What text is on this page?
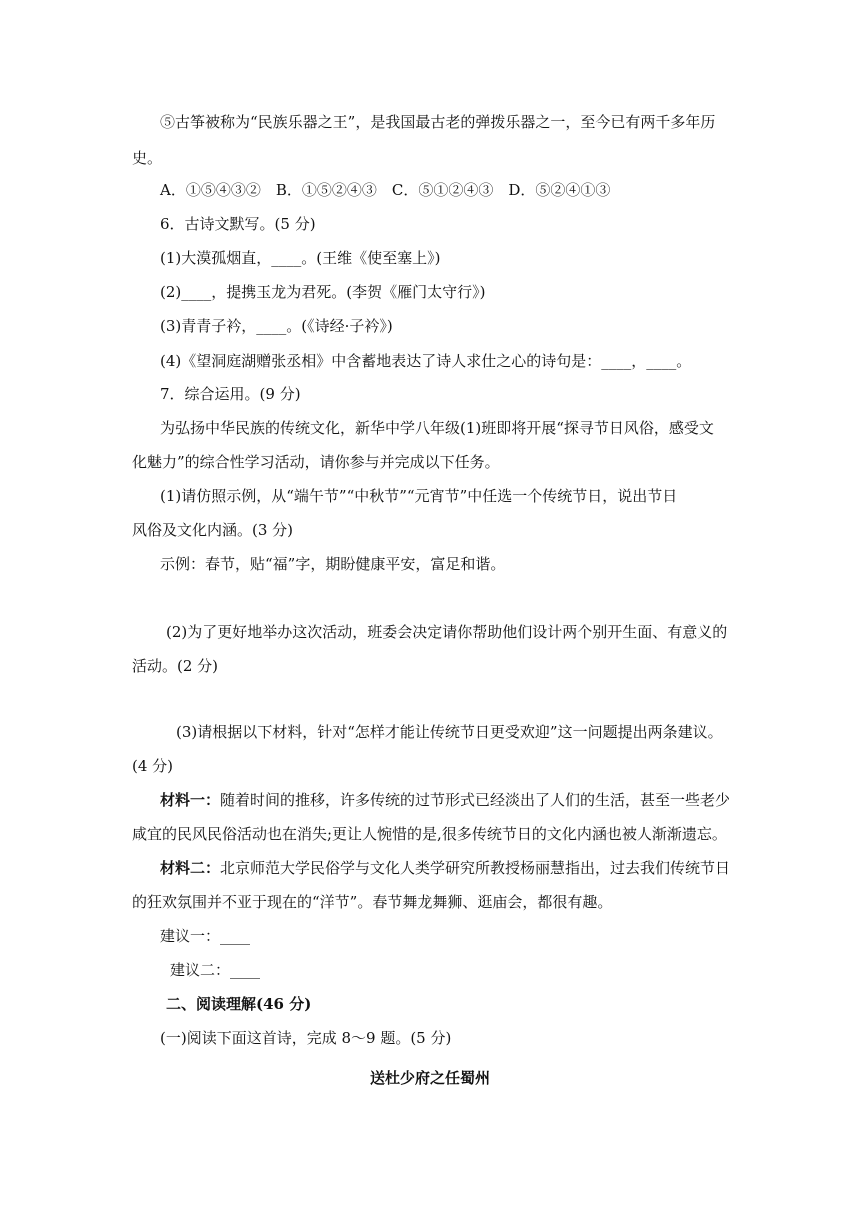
⑤古筝被称为“民族乐器之王”，是我国最古老的弹拨乐器之一，至今已有两千多年历
史。
A．①⑤④③②　B．①⑤②④③　C．⑤①②④③　D．⑤②④①③
6．古诗文默写。(5 分)
(1)大漠孤烟直，____。(王维《使至塞上》)
(2)____，提携玉龙为君死。(李贺《雁门太守行》)
(3)青青子衿，____。(《诗经·子衿》)
(4)《望洞庭湖赠张丞相》中含蓄地表达了诗人求仕之心的诗句是：____，____。
7．综合运用。(9 分)
为弘扬中华民族的传统文化，新华中学八年级(1)班即将开展“探寻节日风俗，感受文
化魅力”的综合性学习活动，请你参与并完成以下任务。
(1)请仿照示例，从“端午节”“中秋节”“元宵节”中任选一个传统节日，说出节日
风俗及文化内涵。(3 分)
示例：春节，贴“福”字，期盼健康平安，富足和谐。
(2)为了更好地举办这次活动，班委会决定请你帮助他们设计两个别开生面、有意义的
活动。(2 分)
(3)请根据以下材料，针对“怎样才能让传统节日更受欢迎”这一问题提出两条建议。
(4 分)
材料一：随着时间的推移，许多传统的过节形式已经淡出了人们的生活，甚至一些老少
咸宜的民风民俗活动也在消失;更让人惋惜的是,很多传统节日的文化内涵也被人渐渐遗忘。
材料二：北京师范大学民俗学与文化人类学研究所教授杨丽慧指出，过去我们传统节日
的狂欢氛围并不亚于现在的“洋节”。春节舞龙舞狮、逛庙会，都很有趣。
建议一：____
建议二：____
二、阅读理解(46 分)
(一)阅读下面这首诗，完成 8～9 题。(5 分)
送杜少府之任蜀州
